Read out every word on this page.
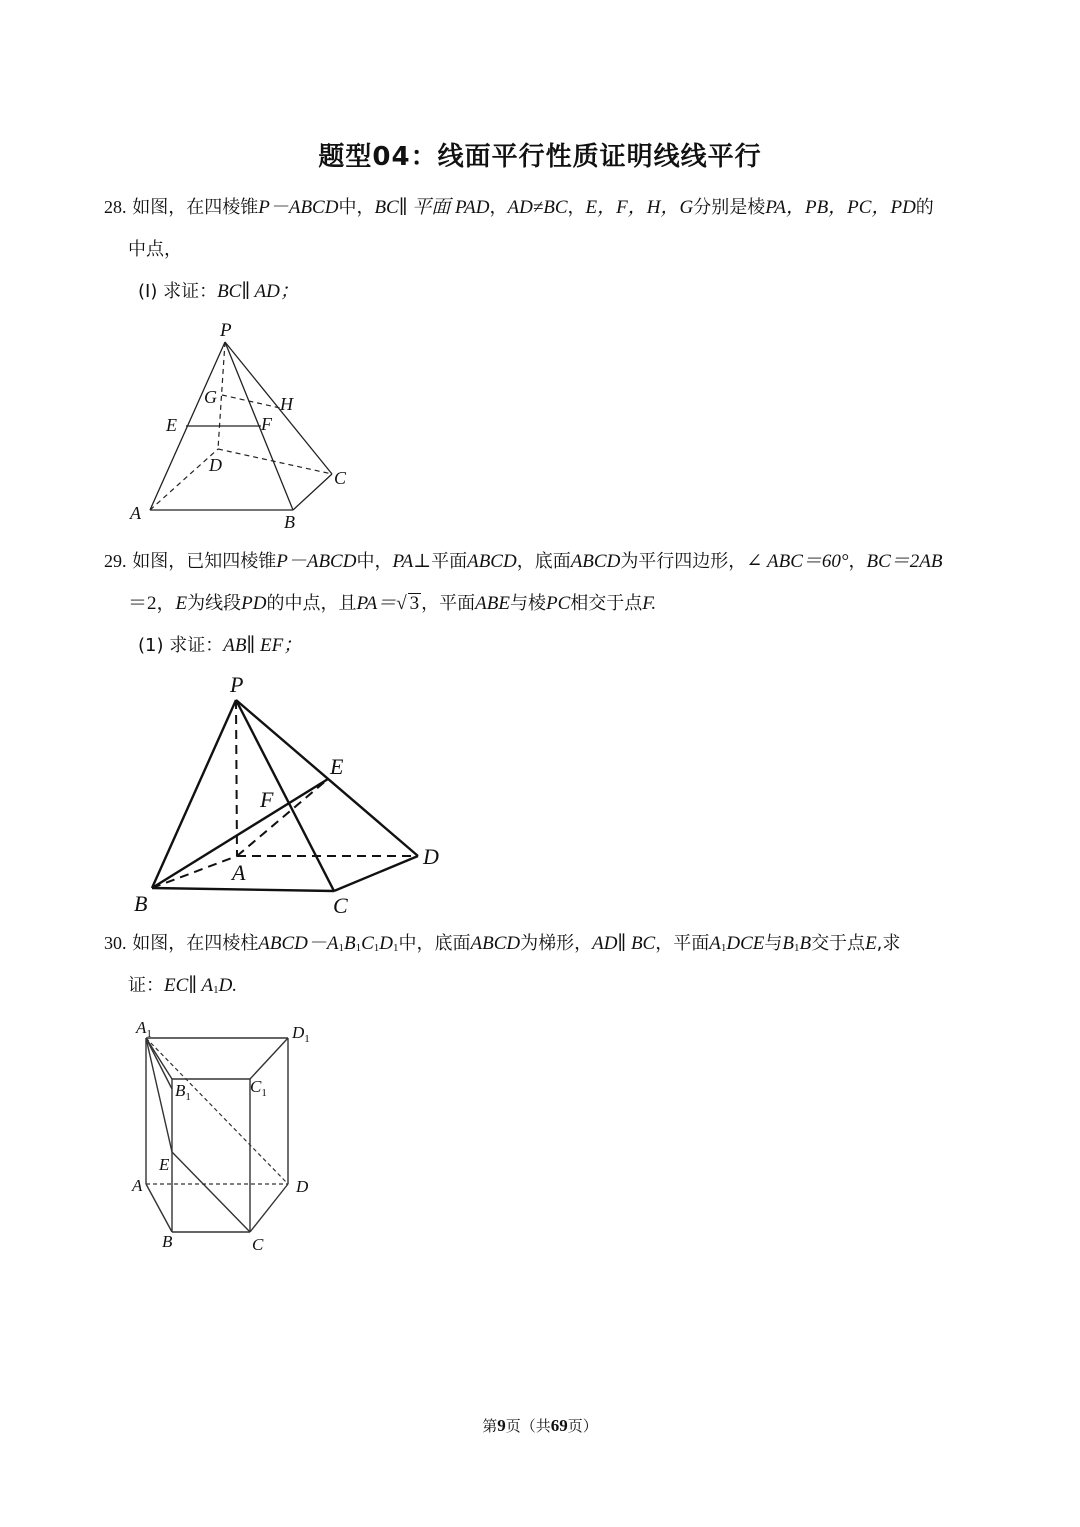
题型04：线面平行性质证明线线平行
28. 如图，在四棱锥P－ABCD中，BC∥ 平面 PAD，AD≠BC，E，F，H，G分别是棱PA，PB，PC，PD的
中点，
(Ⅰ) 求证：BC∥ AD；
P
G	H
E	F
D
C
A	B
29. 如图，已知四棱锥P－ABCD中，PA⊥平面ABCD，底面ABCD为平行四边形，∠ ABC＝60°，BC＝2AB
＝2，E为线段PD的中点，且PA＝√ 3 ，平面ABE与棱PC相交于点F.
(1) 求证：AB∥ EF；
P
E
F
A
D
B	C
30. 如图，在四棱柱$ABCD-A_1B_1C_1D_1$中，底面ABCD为梯形，AD∥ BC，平面$A_1DCE$与$B_1B$交于点E,求
证：EC∥ $A_1D$.
$A_1$	$D_1$
$B_1$
$C_1$
E
A	D
B	C
第9页（共69页）
